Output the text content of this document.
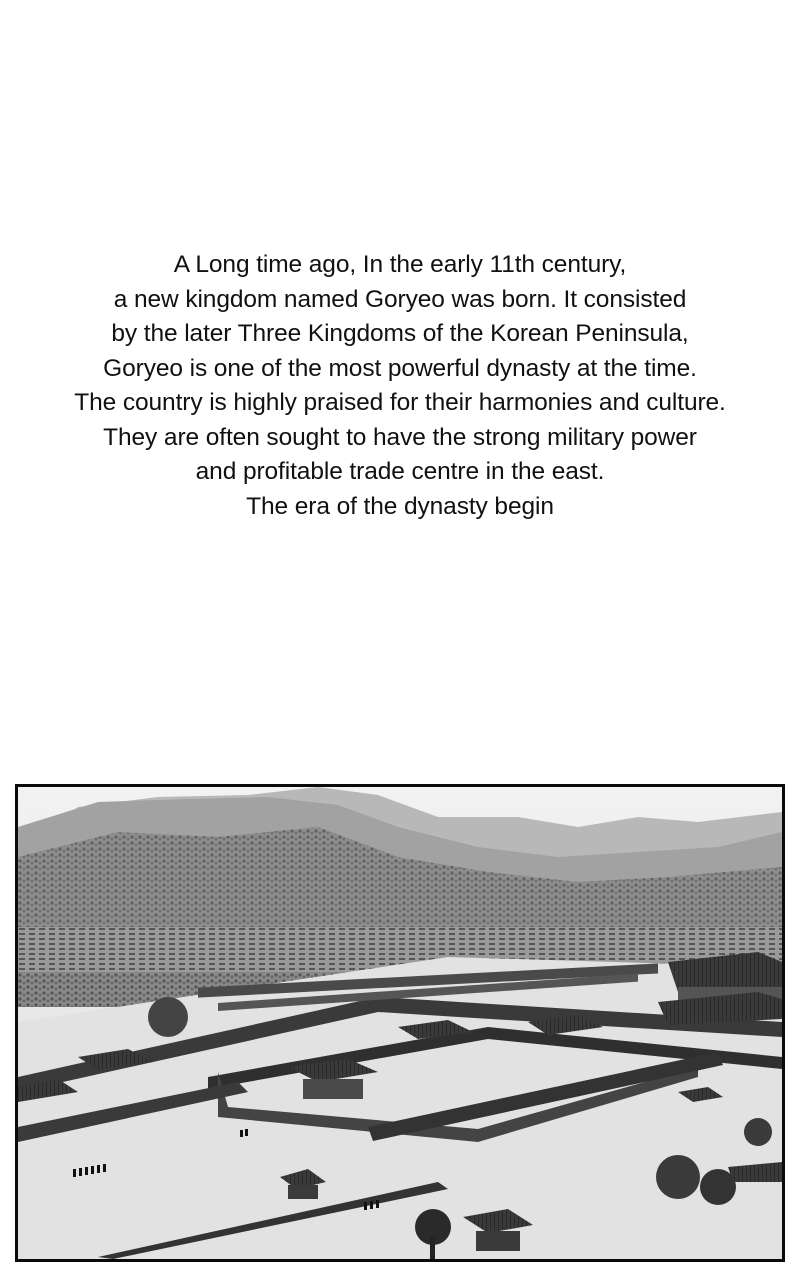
A Long time ago, In the early 11th century,
a new kingdom named Goryeo was born. It consisted
by the later Three Kingdoms of the Korean Peninsula,
Goryeo is one of the most powerful dynasty at the time.
The country is highly praised for their harmonies and culture.
They are often sought to have the strong military power
and profitable trade centre in the east.
The era of the dynasty begin
